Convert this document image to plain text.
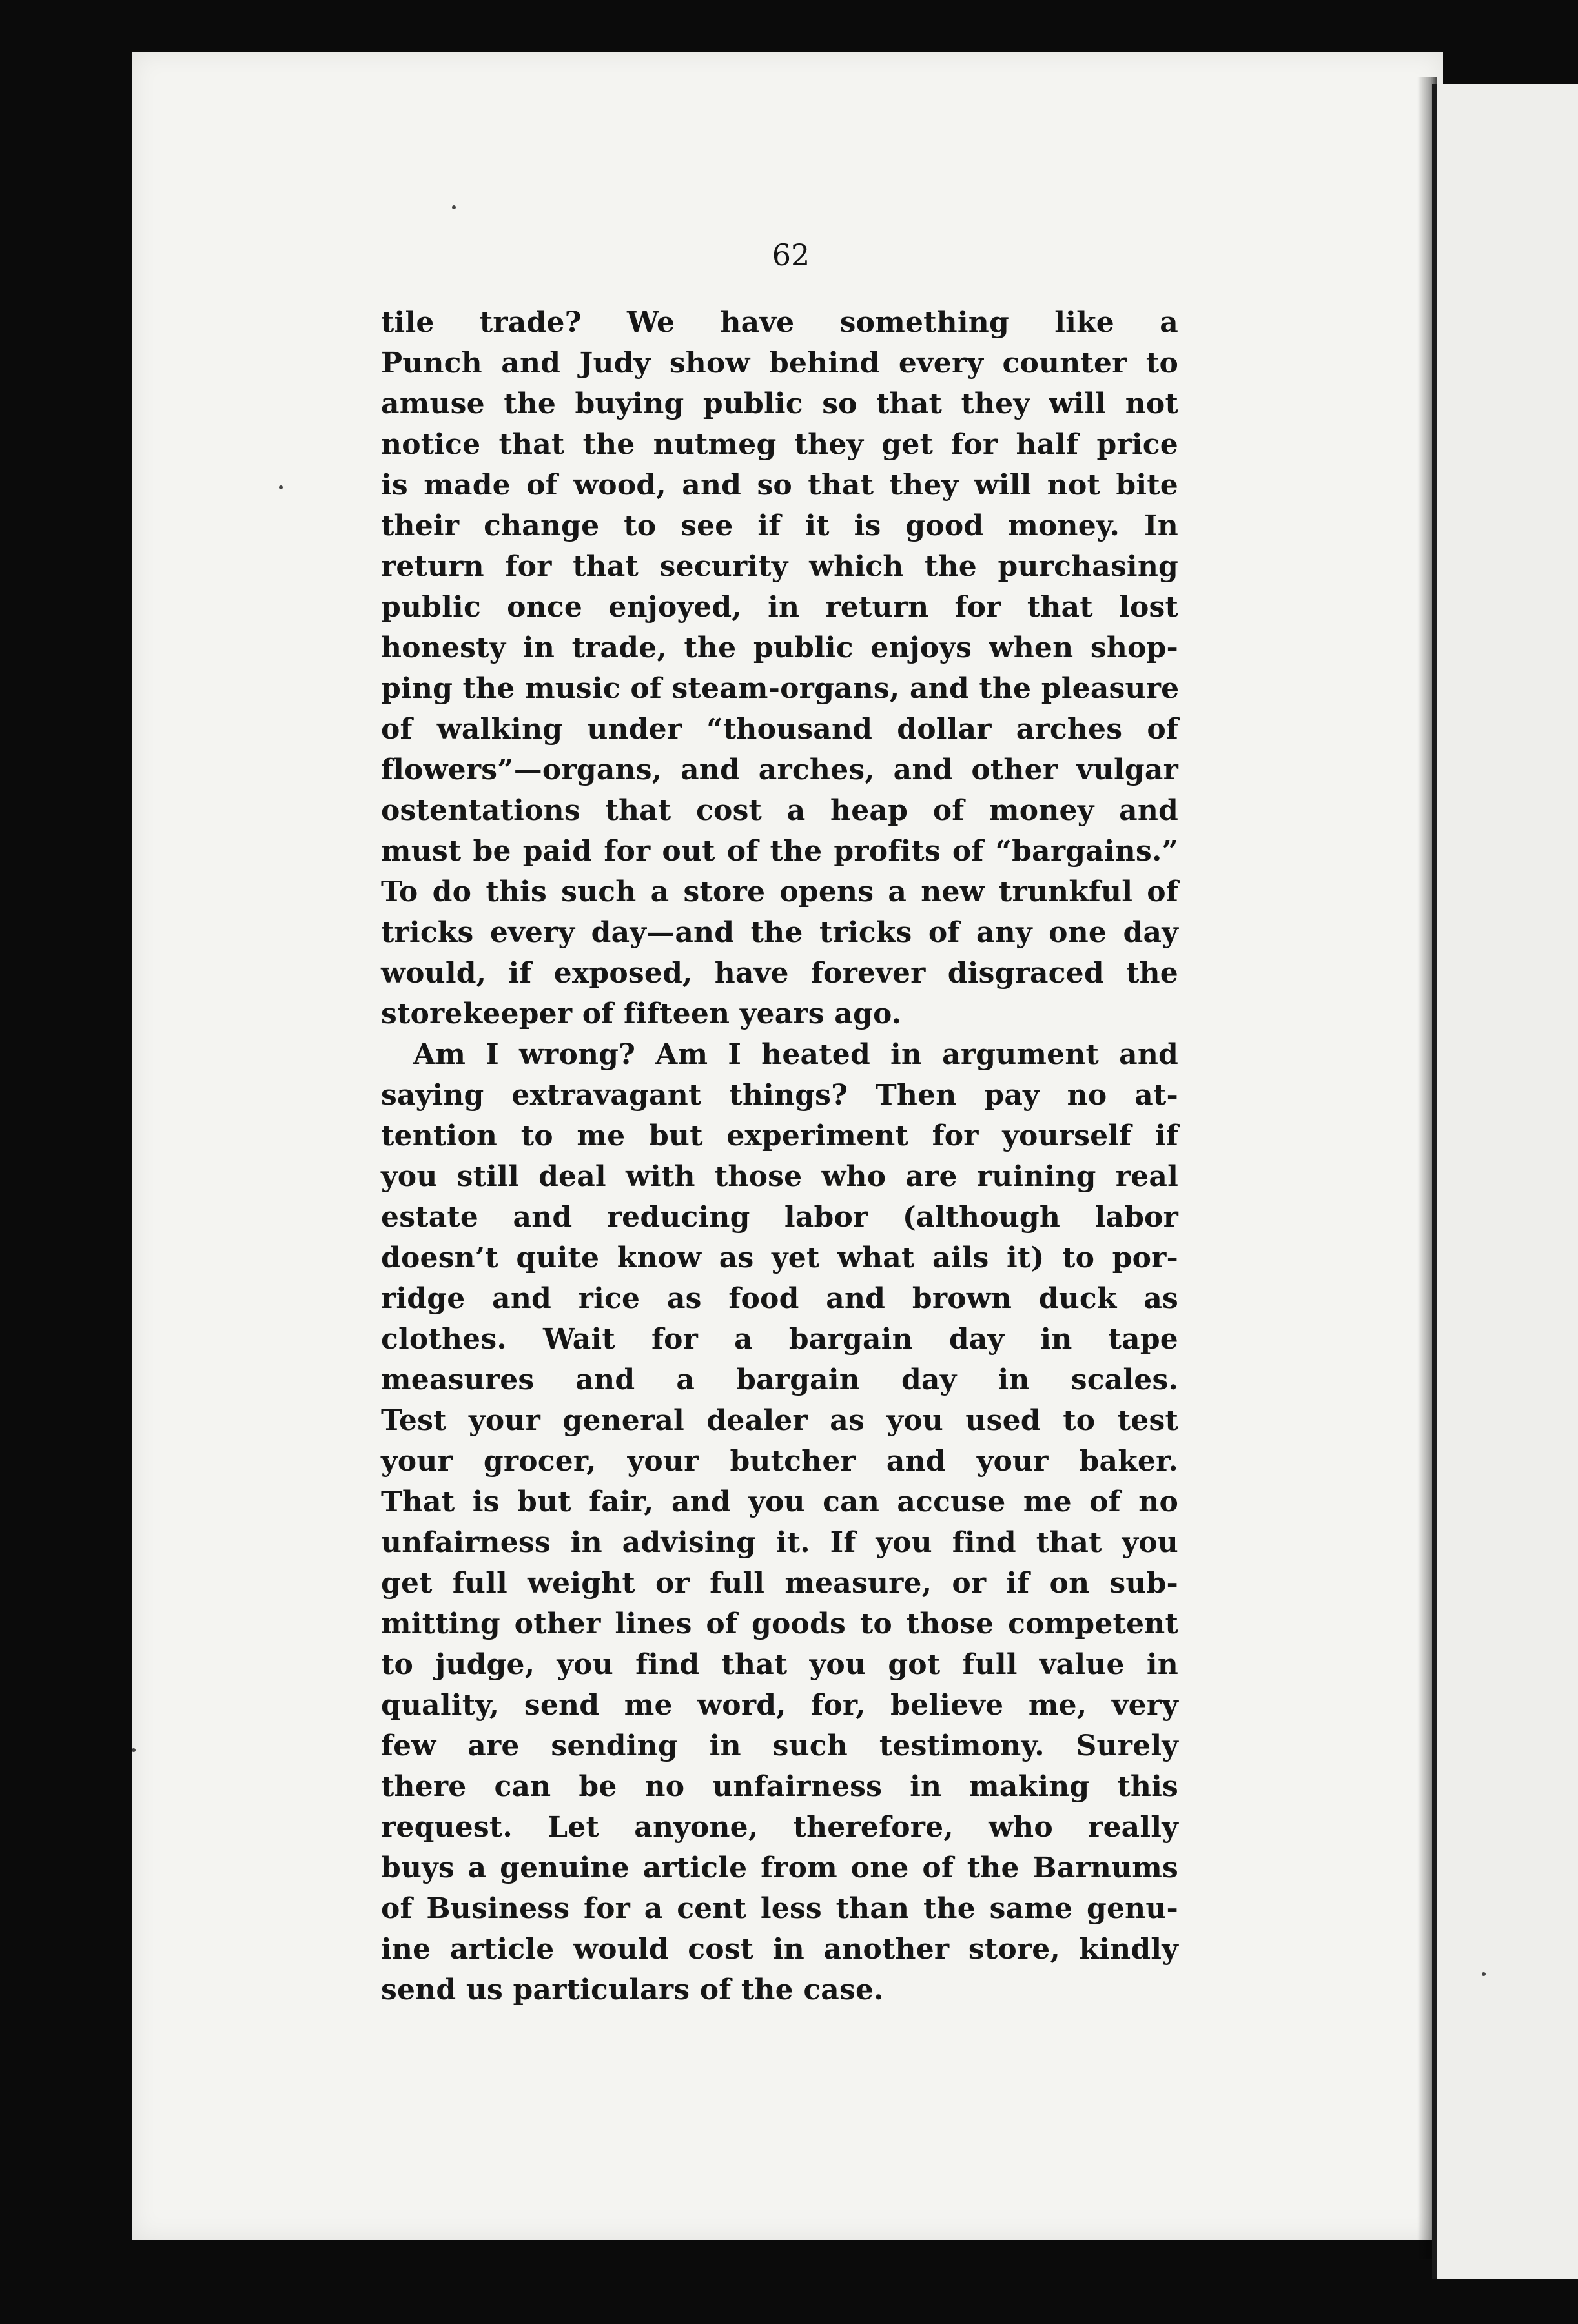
62
tile trade? We have something like a
Punch and Judy show behind every counter to
amuse the buying public so that they will not
notice that the nutmeg they get for half price
is made of wood, and so that they will not bite
their change to see if it is good money. In
return for that security which the purchasing
public once enjoyed, in return for that lost
honesty in trade, the public enjoys when shop-
ping the music of steam-organs, and the pleasure
of walking under “thousand dollar arches of
flowers”—organs, and arches, and other vulgar
ostentations that cost a heap of money and
must be paid for out of the profits of “bargains.”
To do this such a store opens a new trunkful of
tricks every day—and the tricks of any one day
would, if exposed, have forever disgraced the
storekeeper of fifteen years ago.
Am I wrong? Am I heated in argument and
saying extravagant things? Then pay no at-
tention to me but experiment for yourself if
you still deal with those who are ruining real
estate and reducing labor (although labor
doesn’t quite know as yet what ails it) to por-
ridge and rice as food and brown duck as
clothes. Wait for a bargain day in tape
measures and a bargain day in scales.
Test your general dealer as you used to test
your grocer, your butcher and your baker.
That is but fair, and you can accuse me of no
unfairness in advising it. If you find that you
get full weight or full measure, or if on sub-
mitting other lines of goods to those competent
to judge, you find that you got full value in
quality, send me word, for, believe me, very
few are sending in such testimony. Surely
there can be no unfairness in making this
request. Let anyone, therefore, who really
buys a genuine article from one of the Barnums
of Business for a cent less than the same genu-
ine article would cost in another store, kindly
send us particulars of the case.
